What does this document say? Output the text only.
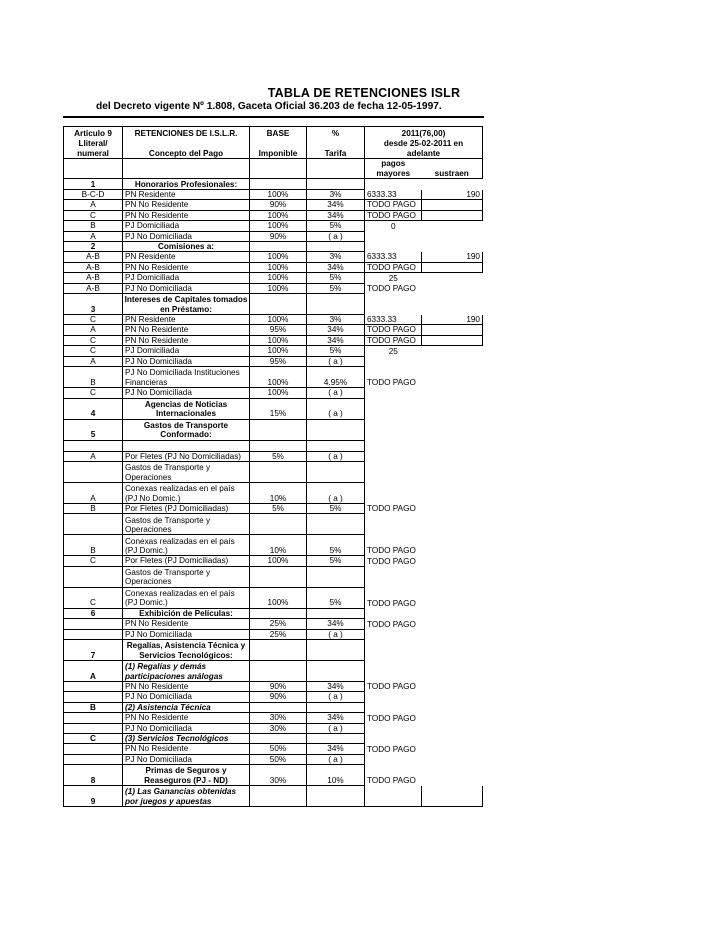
TABLA DE RETENCIONES ISLR
del Decreto vigente Nº 1.808, Gaceta Oficial 36.203 de fecha 12-05-1997.
Artículo 9	RETENCIONES DE I.S.L.R.	BASE	%	2011(76,00)	
Lliteral/				desde 25-02-2011 en	
numeral	Concepto del Pago	Imponible	Tarifa	adelante	
				pagos	
				mayores	sustraen
1	Honorarios Profesionales:				
B-C-D	PN Residente	100%	3%	6333.33	190
A	PN No Residente	90%	34%	TODO PAGO	
C	PN No Residente	100%	34%	TODO PAGO	
B	PJ Domiciliada	100%	5%	0	
A	PJ No Domiciliada	90%	( a )		
2	Comisiones a:				
A-B	PN Residente	100%	3%	6333.33	190
A-B	PN No Residente	100%	34%	TODO PAGO	
A-B	PJ Domiciliada	100%	5%	25	
A-B	PJ No Domiciliada	100%	5%	TODO PAGO	
3	Intereses de Capitales tomados en Préstamo:				
C	PN Residente	100%	3%	6333.33	190
A	PN No Residente	95%	34%	TODO PAGO	
C	PN No Residente	100%	34%	TODO PAGO	
C	PJ Domiciliada	100%	5%	25	
A	PJ No Domiciliada	95%	( a )		
B	PJ No Domiciliada Instituciones Financieras	100%	4.95%	TODO PAGO	
C	PJ No Domiciliada	100%	( a )		
4	Agencias de Noticias Internacionales	15%	( a )		
5	Gastos de Transporte Conformado:				

A	Por Fletes (PJ No Domiciliadas)	5%	( a )		
	Gastos de Transporte y Operaciones				
A	Conexas realizadas en el país (PJ No Domic.)	10%	( a )		
B	Por Fletes (PJ Domiciliadas)	5%	5%	TODO PAGO	
	Gastos de Transporte y Operaciones				
B	Conexas realizadas en el país (PJ Domic.)	10%	5%	TODO PAGO	
C	Por Fletes (PJ Domiciliadas)	100%	5%	TODO PAGO	
	Gastos de Transporte y Operaciones				
C	Conexas realizadas en el país (PJ Domic.)	100%	5%	TODO PAGO	
6	Exhibición de Películas:				
	PN No Residente	25%	34%	TODO PAGO	
	PJ No Domiciliada	25%	( a )		
7	Regalías, Asistencia Técnica y Servicios Tecnológicos:				
A	(1) Regalías y demás participaciones análogas				
	PN No Residente	90%	34%	TODO PAGO	
	PJ No Domiciliada	90%	( a )		
B	(2) Asistencia Técnica				
	PN No Residente	30%	34%	TODO PAGO	
	PJ No Domiciliada	30%	( a )		
C	(3) Servicios Tecnológicos				
	PN No Residente	50%	34%	TODO PAGO	
	PJ No Domiciliada	50%	( a )		
8	Primas de Seguros y Reaseguros (PJ - ND)	30%	10%	TODO PAGO	
9	(1) Las Ganancias obtenidas por juegos y apuestas				
